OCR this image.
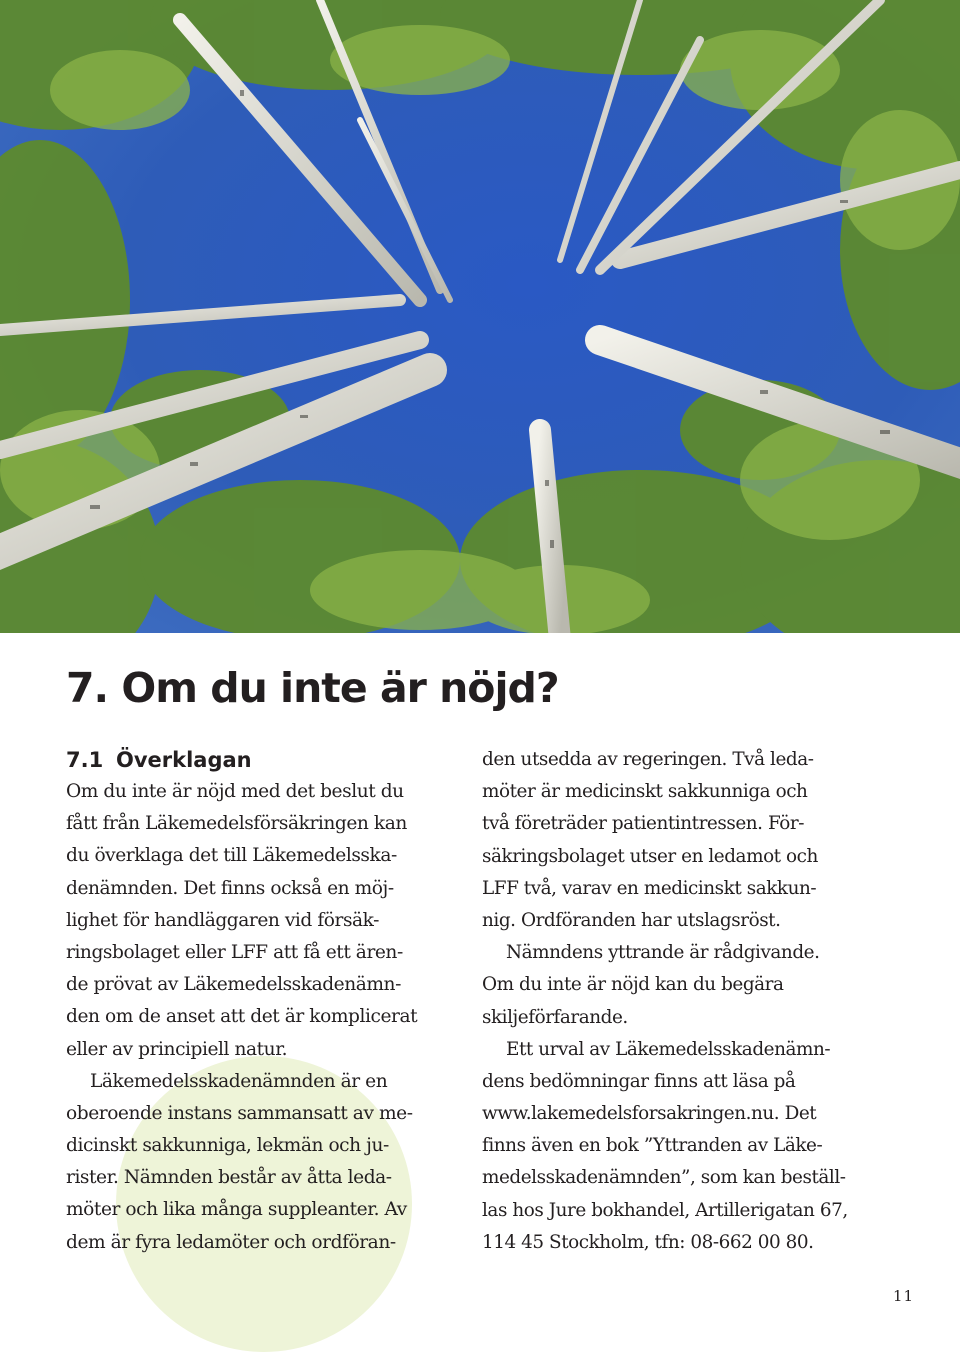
7. Om du inte är nöjd?
7.1 Överklagan
Om du inte är nöjd med det beslut du
fått från Läkemedelsförsäkringen kan
du överklaga det till Läkemedelsska-
denämnden. Det finns också en möj-
lighet för handläggaren vid försäk-
ringsbolaget eller LFF att få ett ären-
de prövat av Läkemedelsskadenämn-
den om de anset att det är komplicerat
eller av principiell natur.
Läkemedelsskadenämnden är en
oberoende instans sammansatt av me-
dicinskt sakkunniga, lekmän och ju-
rister. Nämnden består av åtta leda-
möter och lika många suppleanter. Av
dem är fyra ledamöter och ordföran-
den utsedda av regeringen. Två leda-
möter är medicinskt sakkunniga och
två företräder patientintressen. För-
säkringsbolaget utser en ledamot och
LFF två, varav en medicinskt sakkun-
nig. Ordföranden har utslagsröst.
Nämndens yttrande är rådgivande.
Om du inte är nöjd kan du begära
skiljeförfarande.
Ett urval av Läkemedelsskadenämn-
dens bedömningar finns att läsa på
www.lakemedelsforsakringen.nu. Det
finns även en bok ”Yttranden av Läke-
medelsskadenämnden”, som kan beställ-
las hos Jure bokhandel, Artillerigatan 67,
114 45 Stockholm, tfn: 08-662 00 80.
11
